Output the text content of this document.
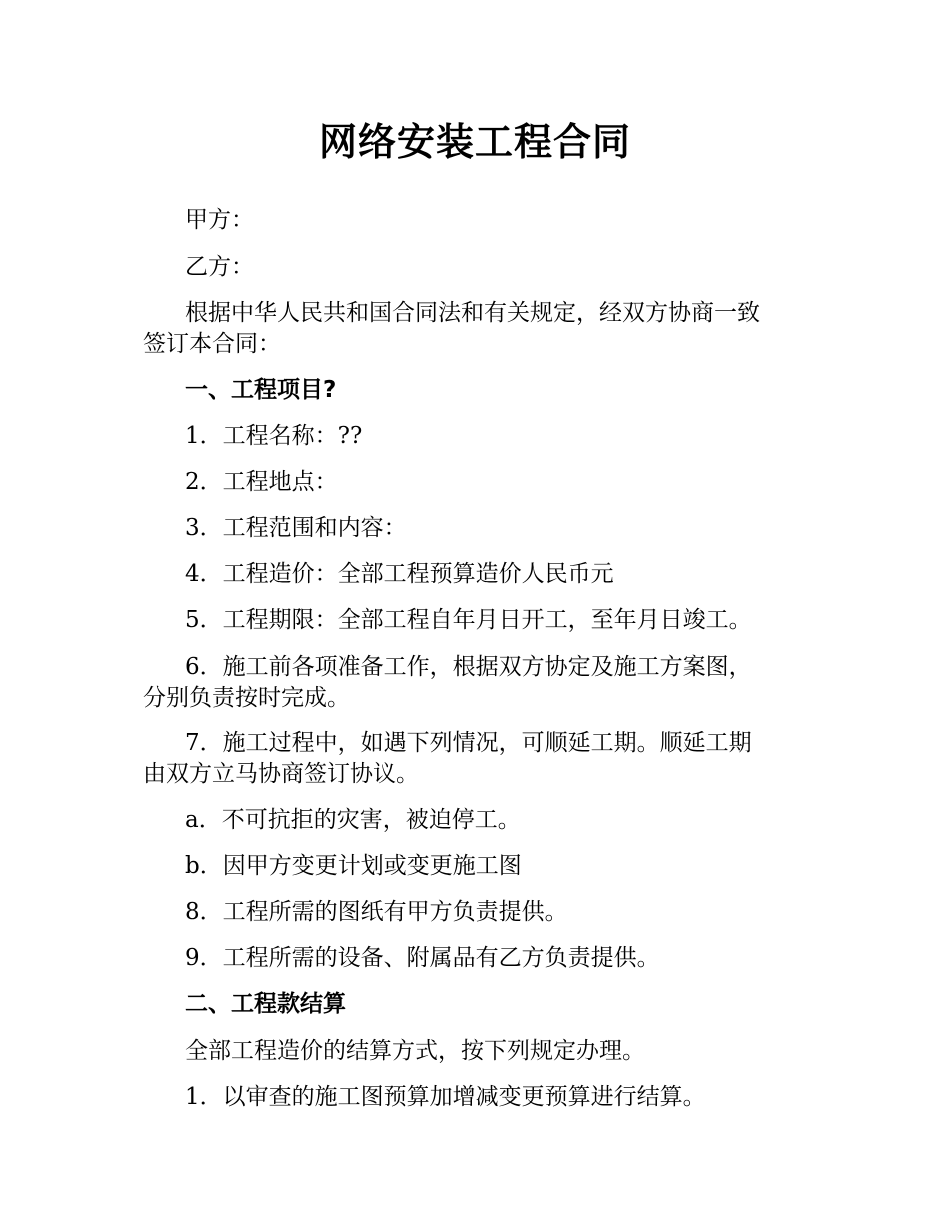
网络安装工程合同
甲方：
乙方：
根据中华人民共和国合同法和有关规定，经双方协商一致
签订本合同：
一、工程项目?
1．工程名称：??
2．工程地点：
3．工程范围和内容：
4．工程造价：全部工程预算造价人民币元
5．工程期限：全部工程自年月日开工，至年月日竣工。
6．施工前各项准备工作，根据双方协定及施工方案图，
分别负责按时完成。
7．施工过程中，如遇下列情况，可顺延工期。顺延工期
由双方立马协商签订协议。
a．不可抗拒的灾害，被迫停工。
b．因甲方变更计划或变更施工图
8．工程所需的图纸有甲方负责提供。
9．工程所需的设备、附属品有乙方负责提供。
二、工程款结算
全部工程造价的结算方式，按下列规定办理。
1．以审查的施工图预算加增减变更预算进行结算。
